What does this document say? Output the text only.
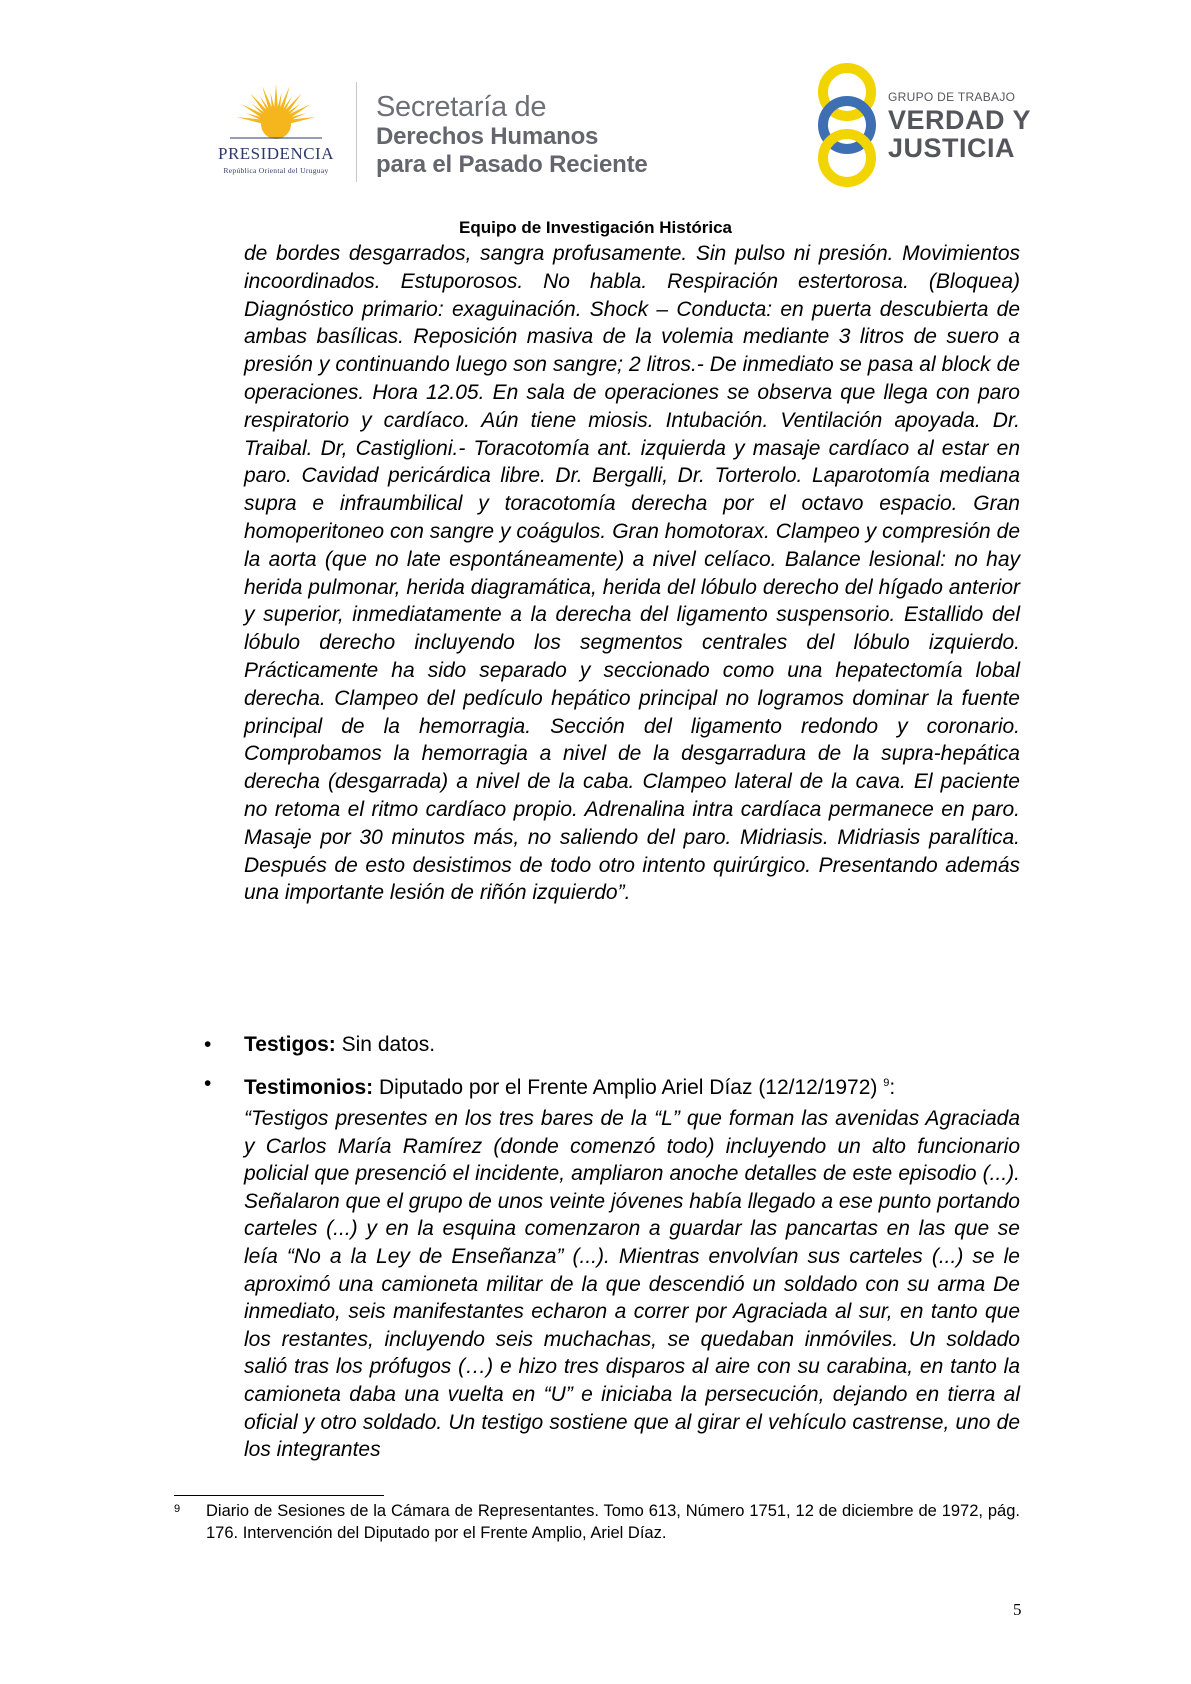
PRESIDENCIA
República Oriental del Uruguay
Secretaría de
Derechos Humanos
para el Pasado Reciente
GRUPO DE TRABAJO
VERDAD Y
JUSTICIA
Equipo de Investigación Histórica

de bordes desgarrados, sangra profusamente. Sin pulso ni presión. Movimientos incoordinados. Estuporosos. No habla. Respiración estertorosa. (Bloquea) Diagnóstico primario: exaguinación. Shock – Conducta: en puerta descubierta de ambas basílicas. Reposición masiva de la volemia mediante 3 litros de suero a presión y continuando luego son sangre; 2 litros.- De inmediato se pasa al block de operaciones. Hora 12.05. En sala de operaciones se observa que llega con paro respiratorio y cardíaco. Aún tiene miosis. Intubación. Ventilación apoyada. Dr. Traibal. Dr, Castiglioni.- Toracotomía ant. izquierda y masaje cardíaco al estar en paro. Cavidad pericárdica libre. Dr. Bergalli, Dr. Torterolo. Laparotomía mediana supra e infraumbilical y toracotomía derecha por el octavo espacio. Gran homoperitoneo con sangre y coágulos. Gran homotorax. Clampeo y compresión de la aorta (que no late espontáneamente) a nivel celíaco. Balance lesional: no hay herida pulmonar, herida diagramática, herida del lóbulo derecho del hígado anterior y superior, inmediatamente a la derecha del ligamento suspensorio. Estallido del lóbulo derecho incluyendo los segmentos centrales del lóbulo izquierdo. Prácticamente ha sido separado y seccionado como una hepatectomía lobal derecha. Clampeo del pedículo hepático principal no logramos dominar la fuente principal de la hemorragia. Sección del ligamento redondo y coronario. Comprobamos la hemorragia a nivel de la desgarradura de la supra-hepática derecha (desgarrada) a nivel de la caba. Clampeo lateral de la cava. El paciente no retoma el ritmo cardíaco propio. Adrenalina intra cardíaca permanece en paro. Masaje por 30 minutos más, no saliendo del paro. Midriasis. Midriasis paralítica. Después de esto desistimos de todo otro intento quirúrgico. Presentando además una importante lesión de riñón izquierdo”.

• Testigos: Sin datos.
• Testimonios: Diputado por el Frente Amplio Ariel Díaz (12/12/1972) $^9$:

“Testigos presentes en los tres bares de la “L” que forman las avenidas Agraciada y Carlos María Ramírez (donde comenzó todo) incluyendo un alto funcionario policial que presenció el incidente, ampliaron anoche detalles de este episodio (...). Señalaron que el grupo de unos veinte jóvenes había llegado a ese punto portando carteles (...) y en la esquina comenzaron a guardar las pancartas en las que se leía “No a la Ley de Enseñanza” (...). Mientras envolvían sus carteles (...) se le aproximó una camioneta militar de la que descendió un soldado con su arma De inmediato, seis manifestantes echaron a correr por Agraciada al sur, en tanto que los restantes, incluyendo seis muchachas, se quedaban inmóviles. Un soldado salió tras los prófugos (…) e hizo tres disparos al aire con su carabina, en tanto la camioneta daba una vuelta en “U” e iniciaba la persecución, dejando en tierra al oficial y otro soldado. Un testigo sostiene que al girar el vehículo castrense, uno de los integrantes

9 Diario de Sesiones de la Cámara de Representantes. Tomo 613, Número 1751, 12 de diciembre de 1972, pág. 176. Intervención del Diputado por el Frente Amplio, Ariel Díaz.
5
